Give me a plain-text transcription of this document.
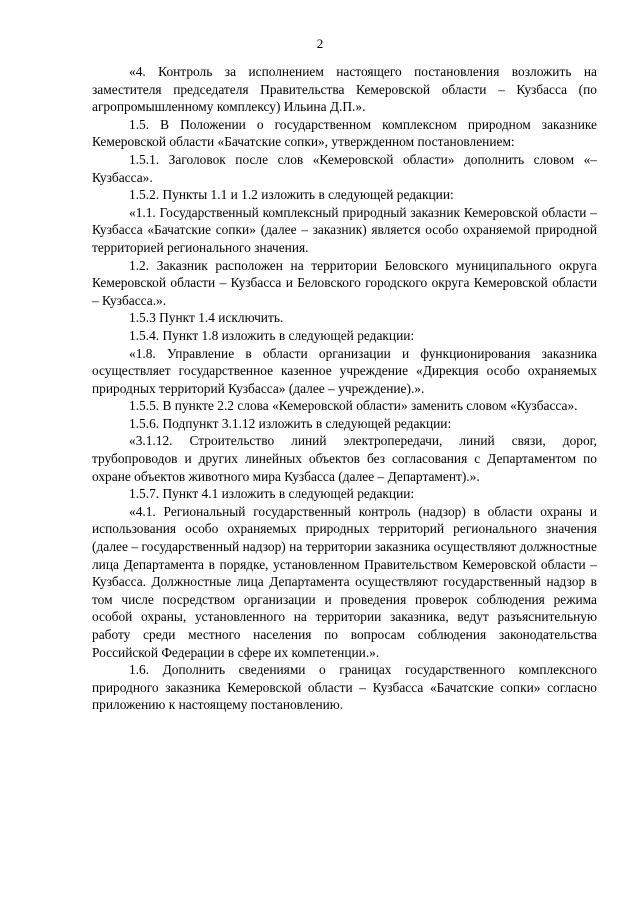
2

«4. Контроль за исполнением настоящего постановления возложить на заместителя председателя Правительства Кемеровской области – Кузбасса (по агропромышленному комплексу) Ильина Д.П.».

1.5. В Положении о государственном комплексном природном заказнике Кемеровской области «Бачатские сопки», утвержденном постановлением:

1.5.1. Заголовок после слов «Кемеровской области» дополнить словом «– Кузбасса».

1.5.2. Пункты 1.1 и 1.2 изложить в следующей редакции:

«1.1. Государственный комплексный природный заказник Кемеровской области – Кузбасса «Бачатские сопки» (далее – заказник) является особо охраняемой природной территорией регионального значения.

1.2. Заказник расположен на территории Беловского муниципального округа Кемеровской области – Кузбасса и Беловского городского округа Кемеровской области – Кузбасса.».

1.5.3 Пункт 1.4 исключить.

1.5.4. Пункт 1.8 изложить в следующей редакции:

«1.8. Управление в области организации и функционирования заказника осуществляет государственное казенное учреждение «Дирекция особо охраняемых природных территорий Кузбасса» (далее – учреждение).».

1.5.5. В пункте 2.2 слова «Кемеровской области» заменить словом «Кузбасса».

1.5.6. Подпункт 3.1.12 изложить в следующей редакции:

«3.1.12. Строительство линий электропередачи, линий связи, дорог, трубопроводов и других линейных объектов без согласования с Департаментом по охране объектов животного мира Кузбасса (далее – Департамент).».

1.5.7. Пункт 4.1 изложить в следующей редакции:

«4.1. Региональный государственный контроль (надзор) в области охраны и использования особо охраняемых природных территорий регионального значения (далее – государственный надзор) на территории заказника осуществляют должностные лица Департамента в порядке, установленном Правительством Кемеровской области – Кузбасса. Должностные лица Департамента осуществляют государственный надзор в том числе посредством организации и проведения проверок соблюдения режима особой охраны, установленного на территории заказника, ведут разъяснительную работу среди местного населения по вопросам соблюдения законодательства Российской Федерации в сфере их компетенции.».

1.6. Дополнить сведениями о границах государственного комплексного природного заказника Кемеровской области – Кузбасса «Бачатские сопки» согласно приложению к настоящему постановлению.
